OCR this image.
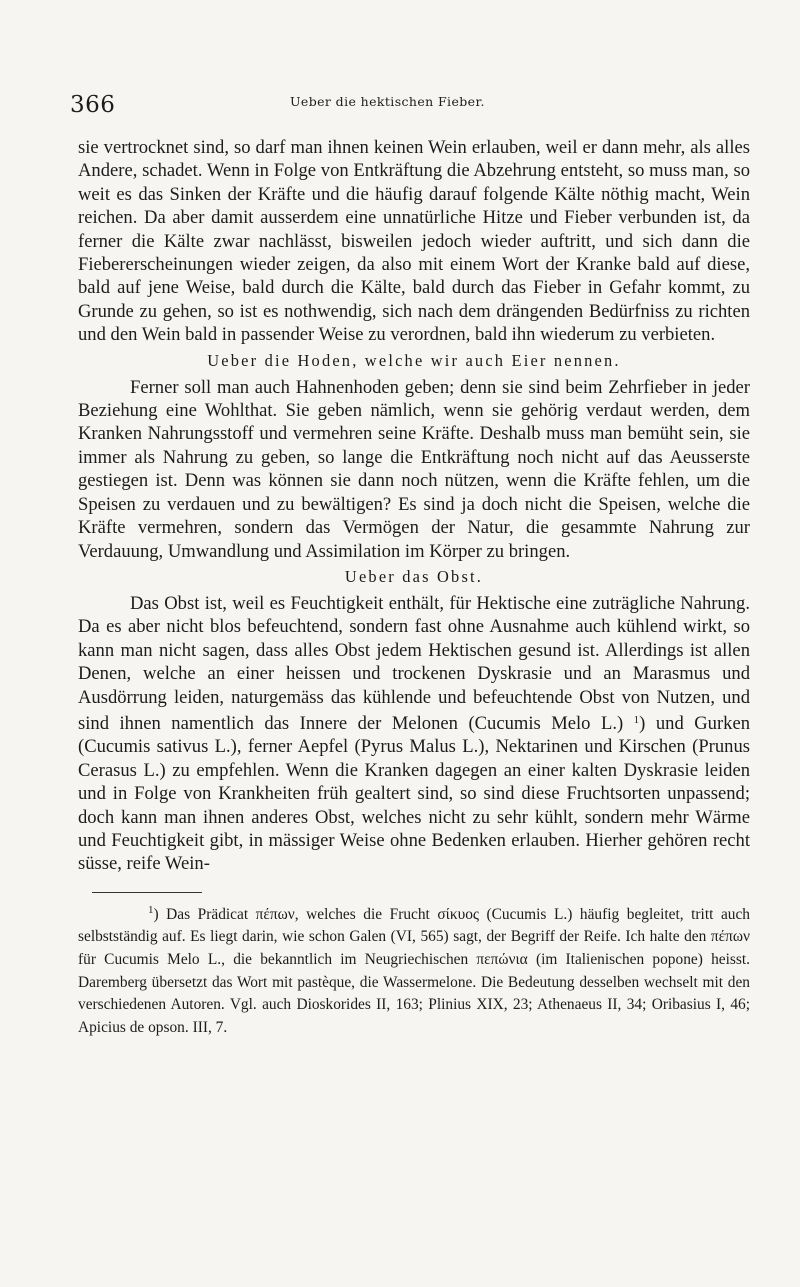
366	Ueber die hektischen Fieber.

sie vertrocknet sind, so darf man ihnen keinen Wein erlauben, weil er dann mehr, als alles Andere, schadet. Wenn in Folge von Entkräftung die Abzehrung entsteht, so muss man, so weit es das Sinken der Kräfte und die häufig darauf folgende Kälte nöthig macht, Wein reichen. Da aber damit ausserdem eine unnatürliche Hitze und Fieber verbunden ist, da ferner die Kälte zwar nachlässt, bisweilen jedoch wieder auftritt, und sich dann die Fiebererscheinungen wieder zeigen, da also mit einem Wort der Kranke bald auf diese, bald auf jene Weise, bald durch die Kälte, bald durch das Fieber in Gefahr kommt, zu Grunde zu gehen, so ist es nothwendig, sich nach dem drängenden Bedürfniss zu richten und den Wein bald in passender Weise zu verordnen, bald ihn wiederum zu verbieten.

Ueber die Hoden, welche wir auch Eier nennen.

Ferner soll man auch Hahnenhoden geben; denn sie sind beim Zehrfieber in jeder Beziehung eine Wohlthat. Sie geben nämlich, wenn sie gehörig verdaut werden, dem Kranken Nahrungsstoff und vermehren seine Kräfte. Deshalb muss man bemüht sein, sie immer als Nahrung zu geben, so lange die Entkräftung noch nicht auf das Aeusserste gestiegen ist. Denn was können sie dann noch nützen, wenn die Kräfte fehlen, um die Speisen zu verdauen und zu bewältigen? Es sind ja doch nicht die Speisen, welche die Kräfte vermehren, sondern das Vermögen der Natur, die gesammte Nahrung zur Verdauung, Umwandlung und Assimilation im Körper zu bringen.

Ueber das Obst.

Das Obst ist, weil es Feuchtigkeit enthält, für Hektische eine zuträgliche Nahrung. Da es aber nicht blos befeuchtend, sondern fast ohne Ausnahme auch kühlend wirkt, so kann man nicht sagen, dass alles Obst jedem Hektischen gesund ist. Allerdings ist allen Denen, welche an einer heissen und trockenen Dyskrasie und an Marasmus und Ausdörrung leiden, naturgemäss das kühlende und befeuchtende Obst von Nutzen, und sind ihnen namentlich das Innere der Melonen (Cucumis Melo L.) $^1$) und Gurken (Cucumis sativus L.), ferner Aepfel (Pyrus Malus L.), Nektarinen und Kirschen (Prunus Cerasus L.) zu empfehlen. Wenn die Kranken dagegen an einer kalten Dyskrasie leiden und in Folge von Krankheiten früh gealtert sind, so sind diese Fruchtsorten unpassend; doch kann man ihnen anderes Obst, welches nicht zu sehr kühlt, sondern mehr Wärme und Feuchtigkeit gibt, in mässiger Weise ohne Bedenken erlauben. Hierher gehören recht süsse, reife Wein-

$^1$) Das Prädicat πέπων, welches die Frucht σίκυος (Cucumis L.) häufig begleitet, tritt auch selbstständig auf. Es liegt darin, wie schon Galen (VI, 565) sagt, der Begriff der Reife. Ich halte den πέπων für Cucumis Melo L., die bekanntlich im Neugriechischen πεπώνια (im Italienischen popone) heisst. Daremberg übersetzt das Wort mit pastèque, die Wassermelone. Die Bedeutung desselben wechselt mit den verschiedenen Autoren. Vgl. auch Dioskorides II, 163; Plinius XIX, 23; Athenaeus II, 34; Oribasius I, 46; Apicius de opson. III, 7.
